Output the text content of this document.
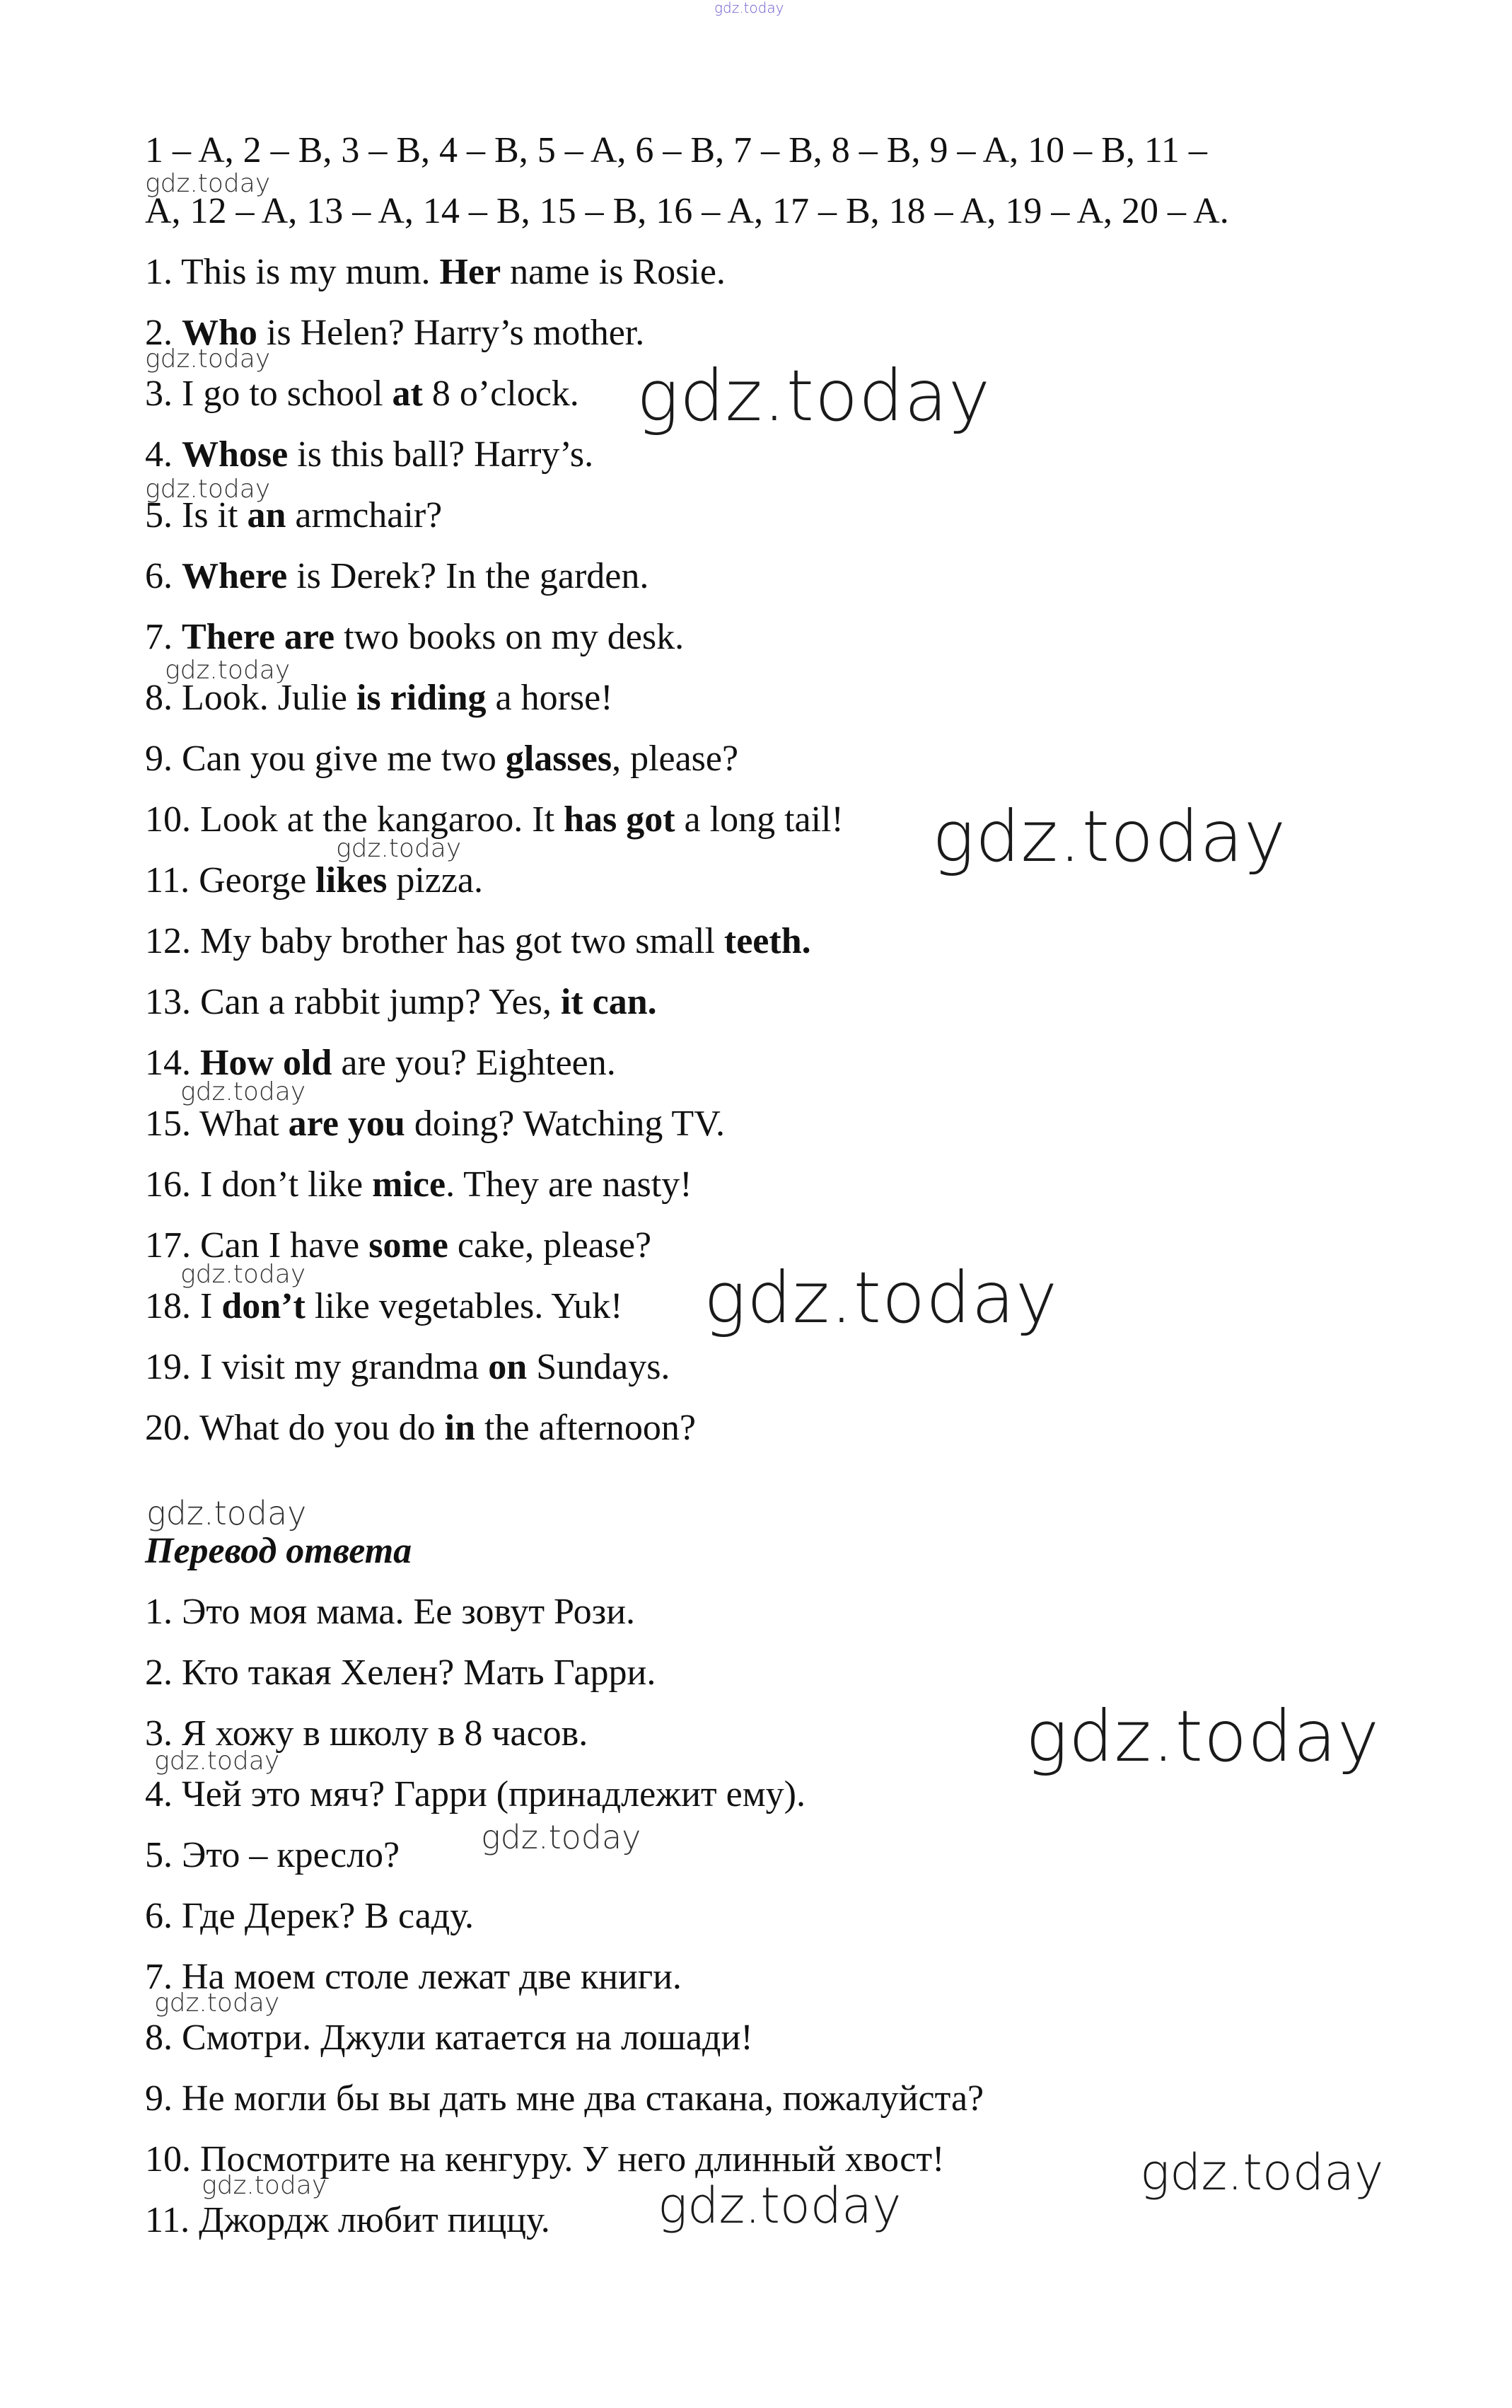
gdz.today
1 – A, 2 – B, 3 – B, 4 – B, 5 – A, 6 – B, 7 – B, 8 – B, 9 – A, 10 – B, 11 –
A, 12 – A, 13 – A, 14 – B, 15 – B, 16 – A, 17 – B, 18 – A, 19 – A, 20 – A.
1. This is my mum. Her name is Rosie.
2. Who is Helen? Harry’s mother.
3. I go to school at 8 o’clock.
4. Whose is this ball? Harry’s.
5. Is it an armchair?
6. Where is Derek? In the garden.
7. There are two books on my desk.
8. Look. Julie is riding a horse!
9. Can you give me two glasses, please?
10. Look at the kangaroo. It has got a long tail!
11. George likes pizza.
12. My baby brother has got two small teeth.
13. Can a rabbit jump? Yes, it can.
14. How old are you? Eighteen.
15. What are you doing? Watching TV.
16. I don’t like mice. They are nasty!
17. Can I have some cake, please?
18. I don’t like vegetables. Yuk!
19. I visit my grandma on Sundays.
20. What do you do in the afternoon?
Перевод ответа
1. Это моя мама. Ее зовут Рози.
2. Кто такая Хелен? Мать Гарри.
3. Я хожу в школу в 8 часов.
4. Чей это мяч? Гарри (принадлежит ему).
5. Это – кресло?
6. Где Дерек? В саду.
7. На моем столе лежат две книги.
8. Смотри. Джули катается на лошади!
9. Не могли бы вы дать мне два стакана, пожалуйста?
10. Посмотрите на кенгуру. У него длинный хвост!
11. Джордж любит пиццу.
gdz.today
gdz.today
gdz.today
gdz.today
gdz.today
gdz.today
gdz.today
gdz.today
gdz.today
gdz.today
gdz.today
gdz.today
gdz.today
gdz.today
gdz.today
gdz.today
gdz.today
gdz.today
